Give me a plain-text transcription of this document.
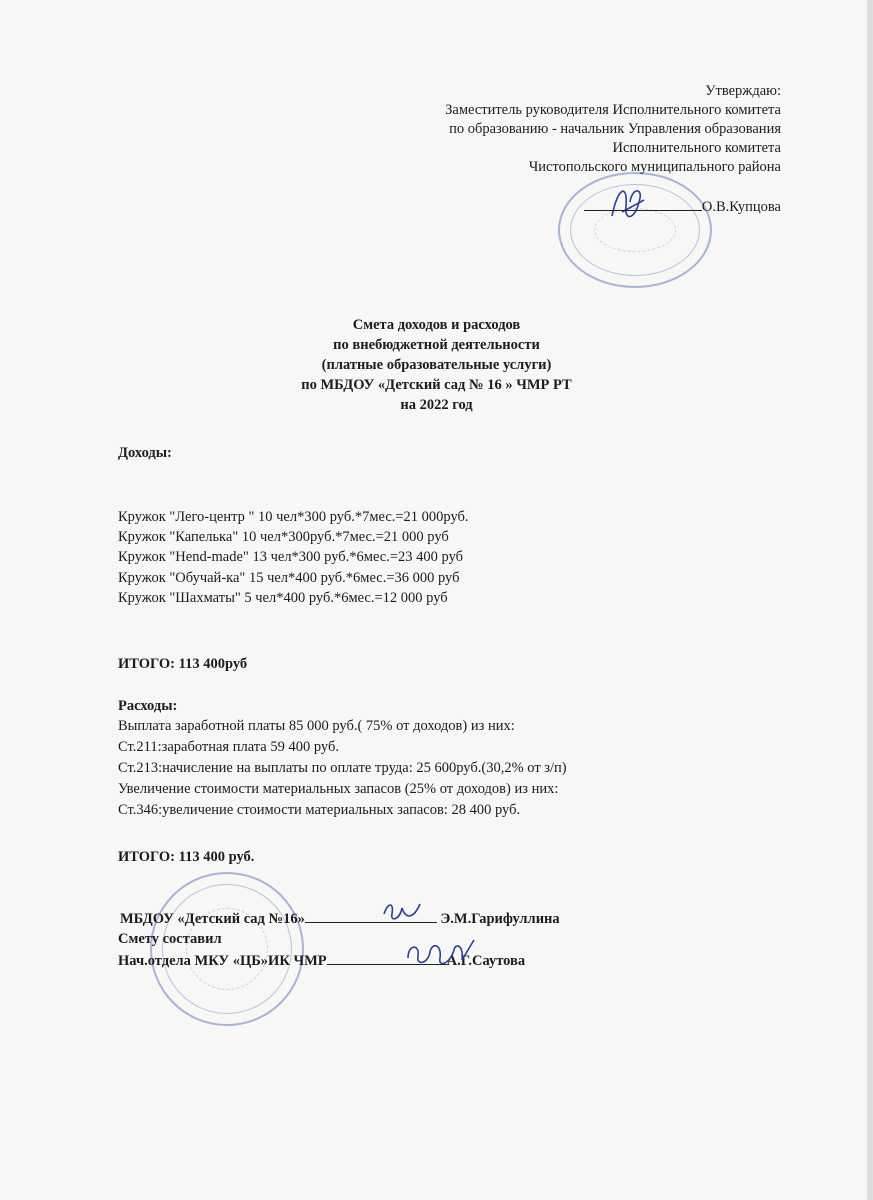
Утверждаю:
Заместитель руководителя Исполнительного комитета
по образованию - начальник Управления образования
Исполнительного комитета
Чистопольского муниципального района
О.В.Купцова
Смета доходов и расходов
по внебюджетной деятельности
(платные образовательные услуги)
по МБДОУ «Детский сад № 16 » ЧМР РТ
на 2022 год
Доходы:
Кружок "Лего-центр " 10 чел*300 руб.*7мес.=21 000руб.
Кружок "Капелька" 10 чел*300руб.*7мес.=21 000 руб
Кружок "Hend-made" 13 чел*300 руб.*6мес.=23 400 руб
Кружок "Обучай-ка" 15 чел*400 руб.*6мес.=36 000 руб
Кружок "Шахматы" 5 чел*400 руб.*6мес.=12 000 руб
ИТОГО: 113 400руб
Расходы:
Выплата заработной платы 85 000 руб.( 75% от доходов) из них:
Ст.211:заработная плата 59 400 руб.
Ст.213:начисление на выплаты по оплате труда: 25 600руб.(30,2% от з/п)
Увеличение стоимости материальных запасов (25% от доходов) из них:
Ст.346:увеличение стоимости материальных запасов: 28 400 руб.
ИТОГО: 113 400 руб.
МБДОУ «Детский сад №16»	Э.М.Гарифуллина
Смету составил
Нач.отдела МКУ «ЦБ»ИК ЧМР	А.Г.Саутова
